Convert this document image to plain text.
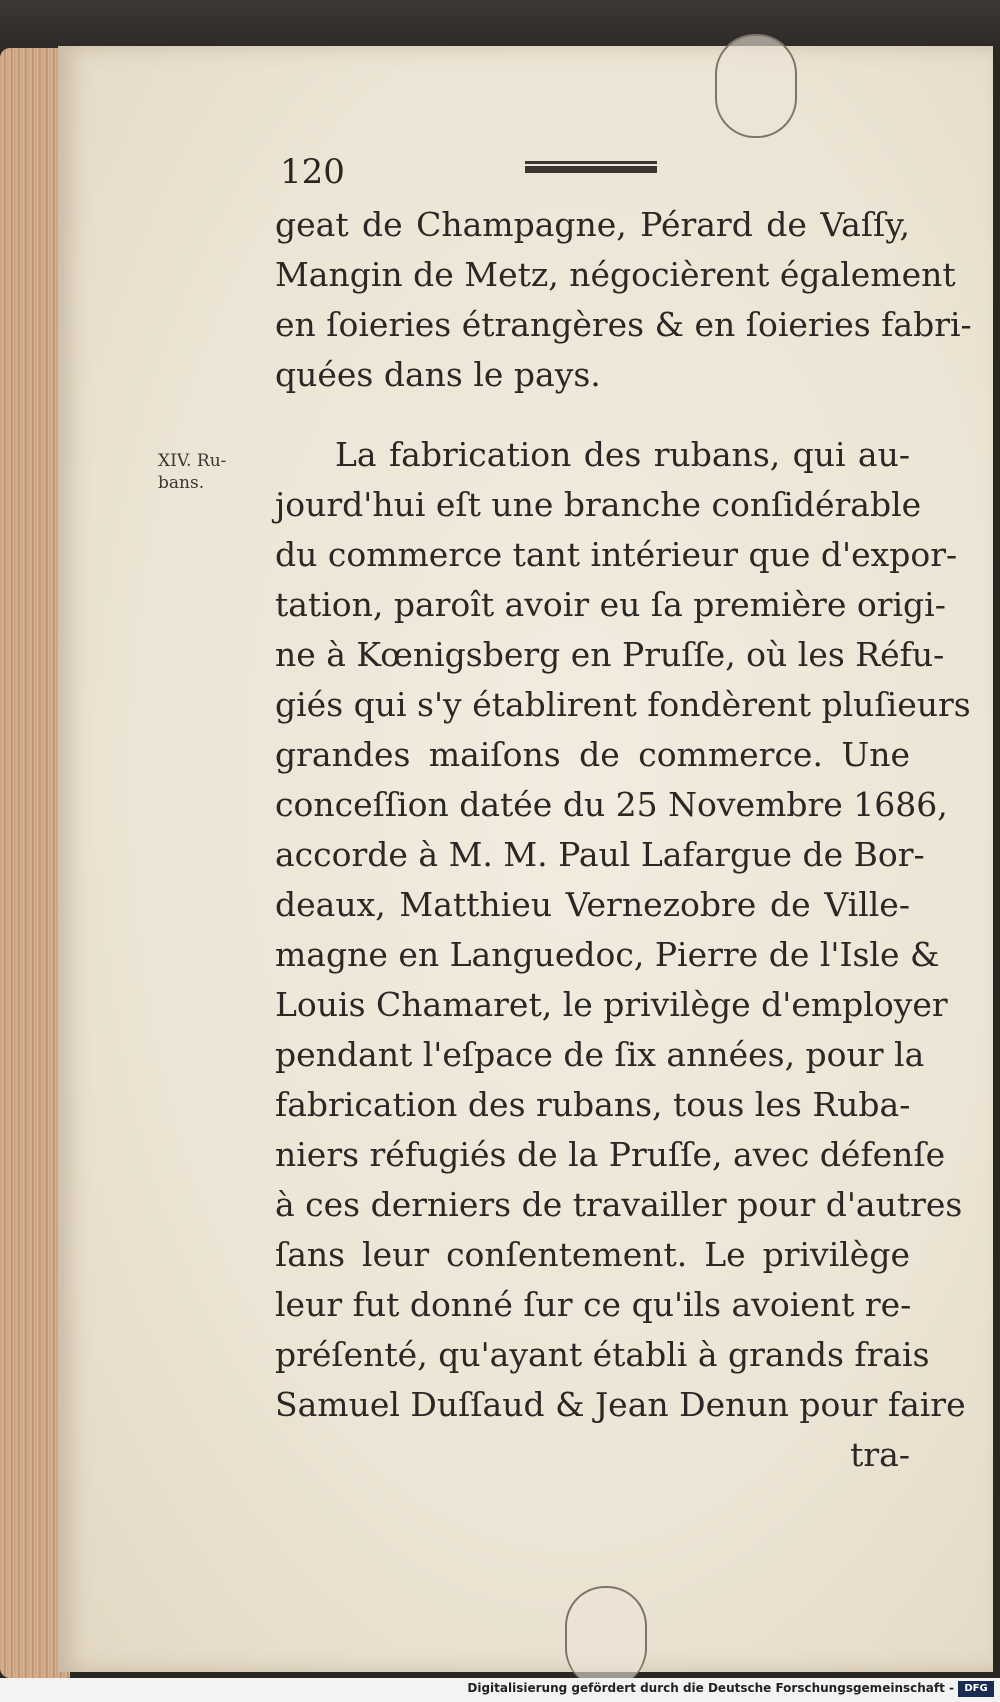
120
XIV. Ru-
bans.
geat de Champagne, Pérard de Vaſſy,
Mangin de Metz, négocièrent également
en ſoieries étrangères & en ſoieries fabri-
quées dans le pays.
La fabrication des rubans, qui au-
jourd'hui eſt une branche conſidérable
du commerce tant intérieur que d'expor-
tation, paroît avoir eu ſa première origi-
ne à Kœnigsberg en Pruſſe, où les Réfu-
giés qui s'y établirent fondèrent pluſieurs
grandes maiſons de commerce. Une
conceſſion datée du 25 Novembre 1686,
accorde à M. M. Paul Lafargue de Bor-
deaux, Matthieu Vernezobre de Ville-
magne en Languedoc, Pierre de l'Isle &
Louis Chamaret, le privilège d'employer
pendant l'eſpace de ſix années, pour la
fabrication des rubans, tous les Ruba-
niers réfugiés de la Pruſſe, avec défenſe
à ces derniers de travailler pour d'autres
ſans leur conſentement. Le privilège
leur fut donné ſur ce qu'ils avoient re-
préſenté, qu'ayant établi à grands frais
Samuel Duſſaud & Jean Denun pour faire
tra-
Digitalisierung gefördert durch die Deutsche Forschungsgemeinschaft -	DFG
